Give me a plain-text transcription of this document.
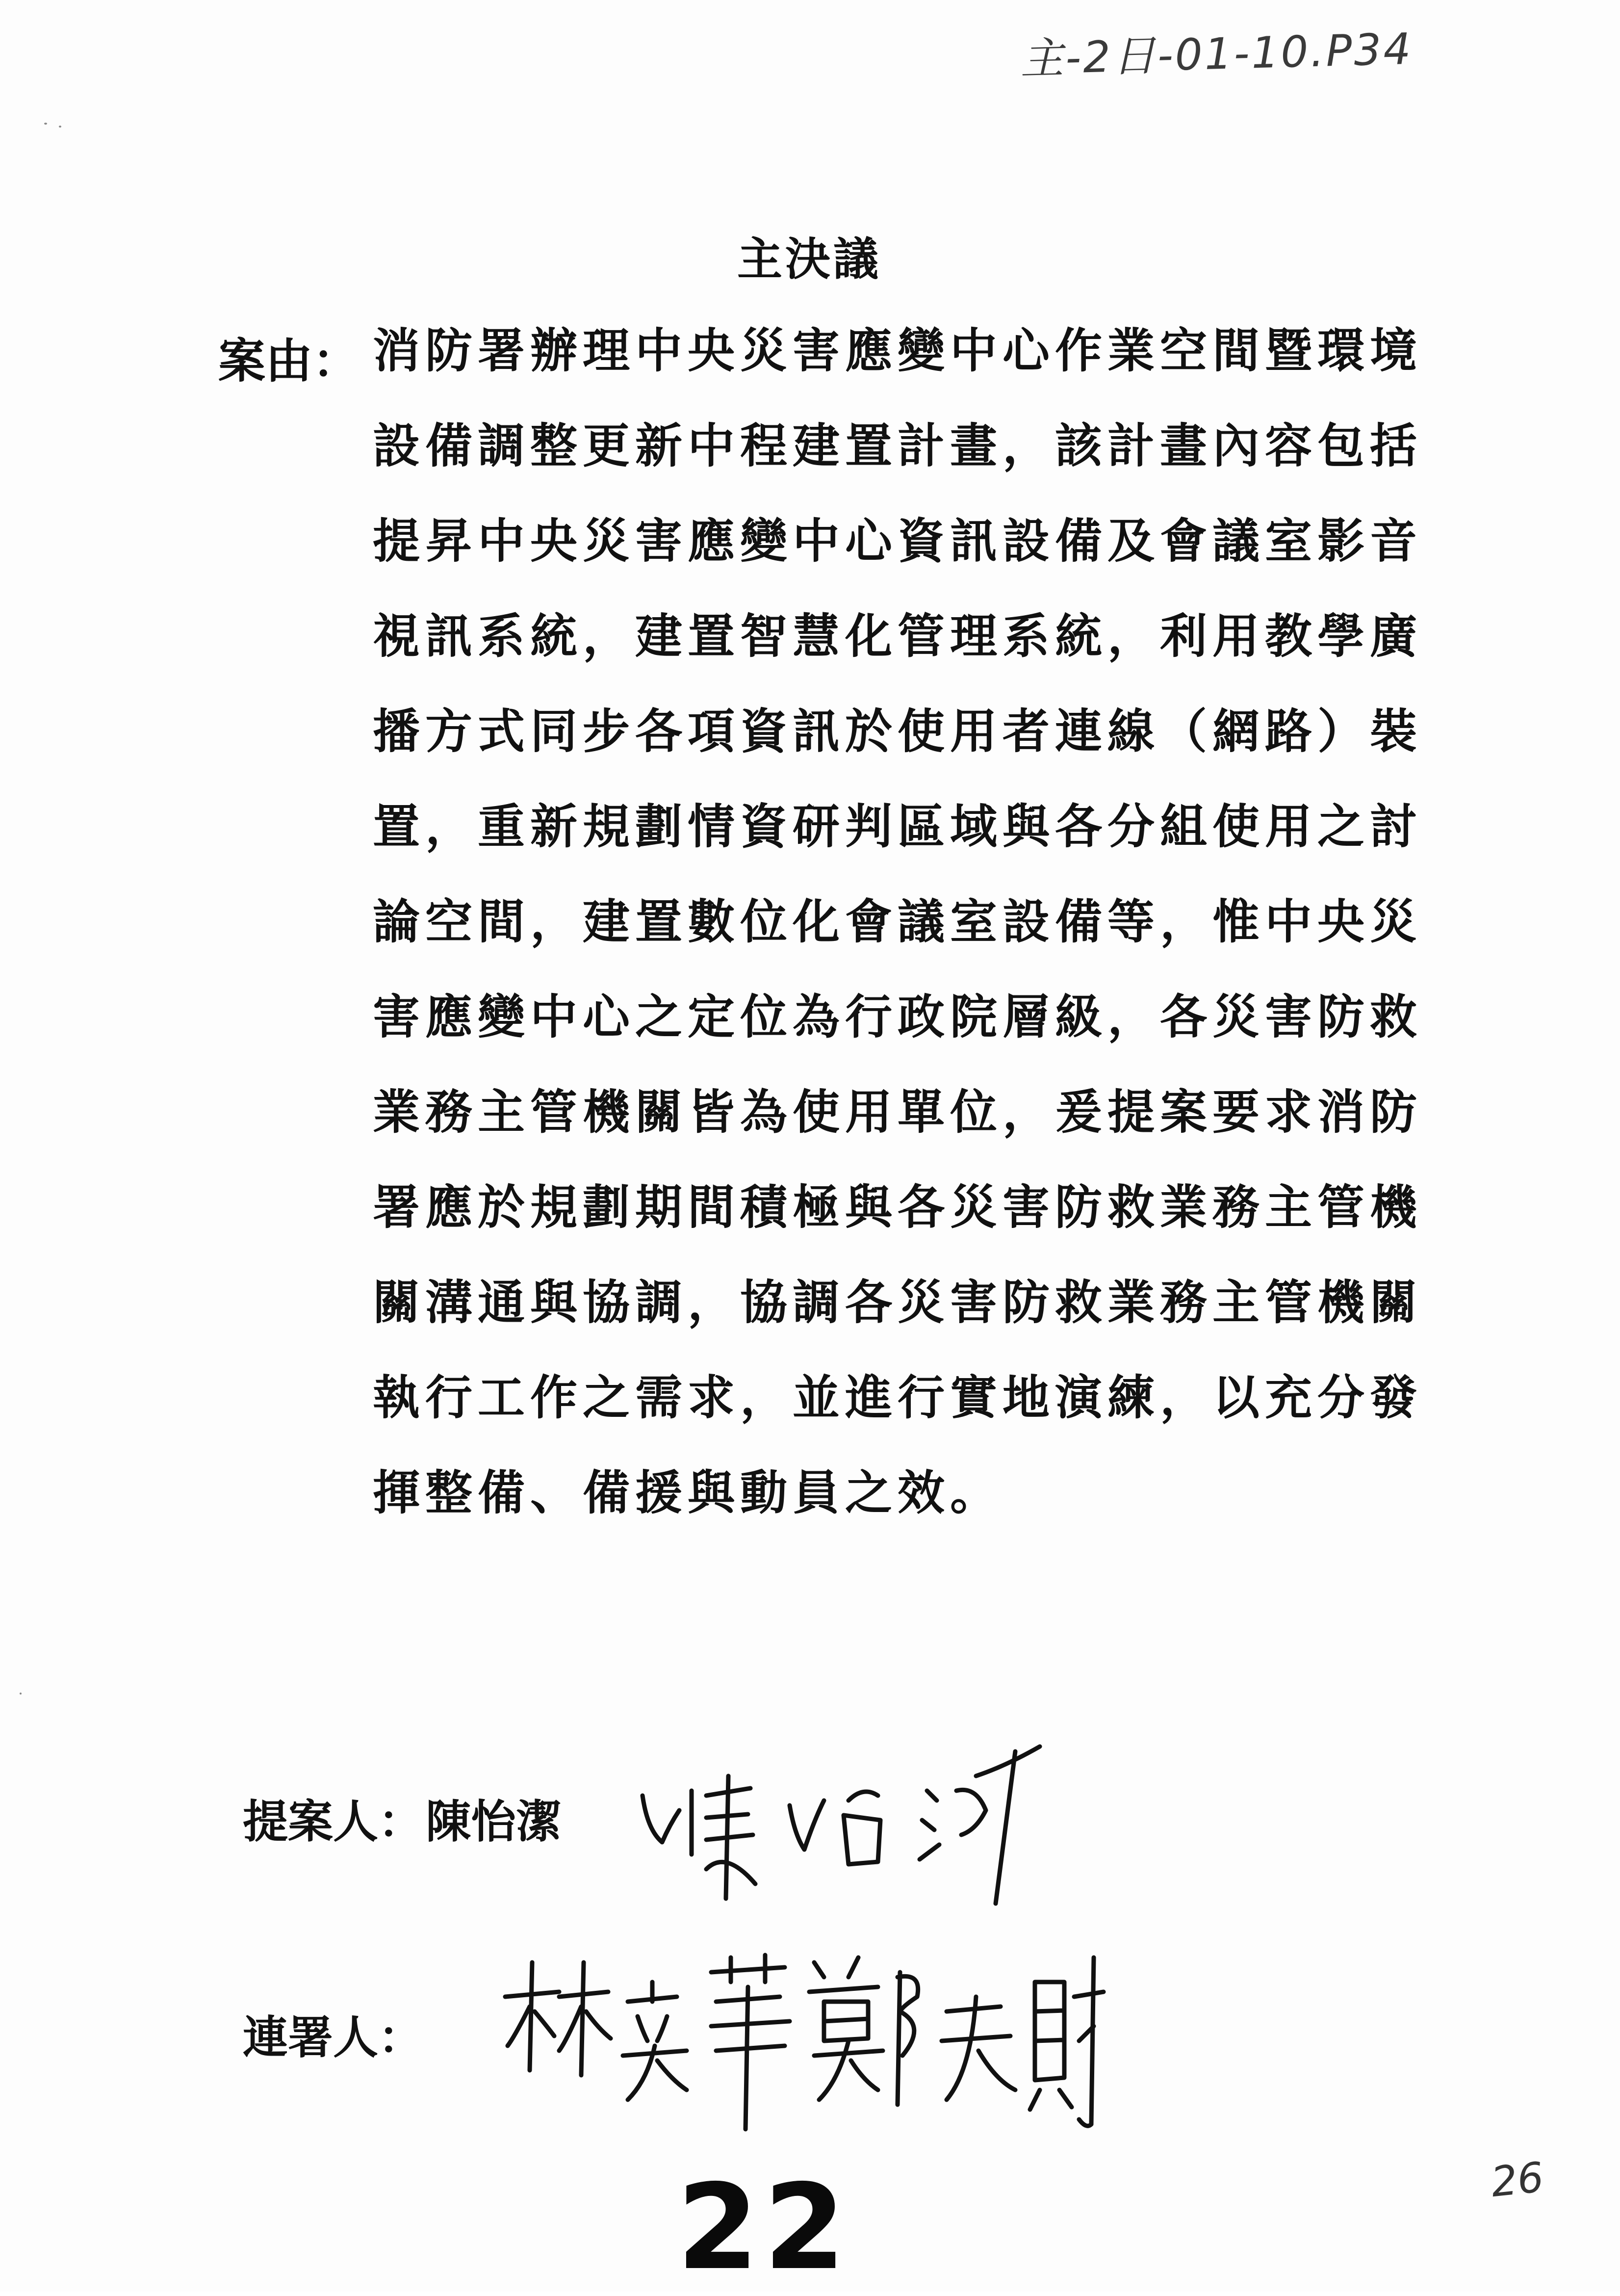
主-2日-01-10.P34
主決議
案由： 消防署辦理中央災害應變中心作業空間暨環境
設備調整更新中程建置計畫，該計畫內容包括
提昇中央災害應變中心資訊設備及會議室影音
視訊系統，建置智慧化管理系統，利用教學廣
播方式同步各項資訊於使用者連線（網路）裝
置，重新規劃情資研判區域與各分組使用之討
論空間，建置數位化會議室設備等，惟中央災
害應變中心之定位為行政院層級，各災害防救
業務主管機關皆為使用單位，爰提案要求消防
署應於規劃期間積極與各災害防救業務主管機
關溝通與協調，協調各災害防救業務主管機關
執行工作之需求，並進行實地演練，以充分發
揮整備、備援與動員之效。
提案人： 陳怡潔
連署人：
22	26
